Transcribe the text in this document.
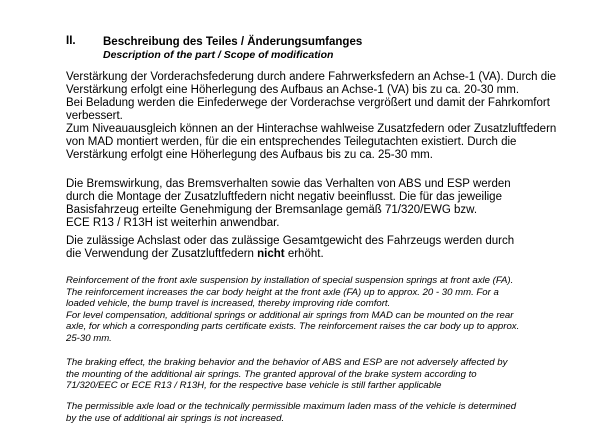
II. Beschreibung des Teiles / Änderungsumfanges
Description of the part / Scope of modification
Verstärkung der Vorderachsfederung durch andere Fahrwerksfedern an Achse-1 (VA). Durch die
Verstärkung erfolgt eine Höherlegung des Aufbaus an Achse-1 (VA) bis zu ca. 20-30 mm.
Bei Beladung werden die Einfederwege der Vorderachse vergrößert und damit der Fahrkomfort
verbessert.
Zum Niveauausgleich können an der Hinterachse wahlweise Zusatzfedern oder Zusatzluftfedern
von MAD montiert werden, für die ein entsprechendes Teilegutachten existiert. Durch die
Verstärkung erfolgt eine Höherlegung des Aufbaus bis zu ca. 25-30 mm.
Die Bremswirkung, das Bremsverhalten sowie das Verhalten von ABS und ESP werden
durch die Montage der Zusatzluftfedern nicht negativ beeinflusst. Die für das jeweilige
Basisfahrzeug erteilte Genehmigung der Bremsanlage gemäß 71/320/EWG bzw.
ECE R13 / R13H ist weiterhin anwendbar.
Die zulässige Achslast oder das zulässige Gesamtgewicht des Fahrzeugs werden durch
die Verwendung der Zusatzluftfedern nicht erhöht.
Reinforcement of the front axle suspension by installation of special suspension springs at front axle (FA).
The reinforcement increases the car body height at the front axle (FA) up to approx. 20 - 30 mm. For a
loaded vehicle, the bump travel is increased, thereby improving ride comfort.
For level compensation, additional springs or additional air springs from MAD can be mounted on the rear
axle, for which a corresponding parts certificate exists. The reinforcement raises the car body up to approx.
25-30 mm.
The braking effect, the braking behavior and the behavior of ABS and ESP are not adversely affected by
the mounting of the additional air springs. The granted approval of the brake system according to
71/320/EEC or ECE R13 / R13H, for the respective base vehicle is still farther applicable
The permissible axle load or the technically permissible maximum laden mass of the vehicle is determined
by the use of additional air springs is not increased.
